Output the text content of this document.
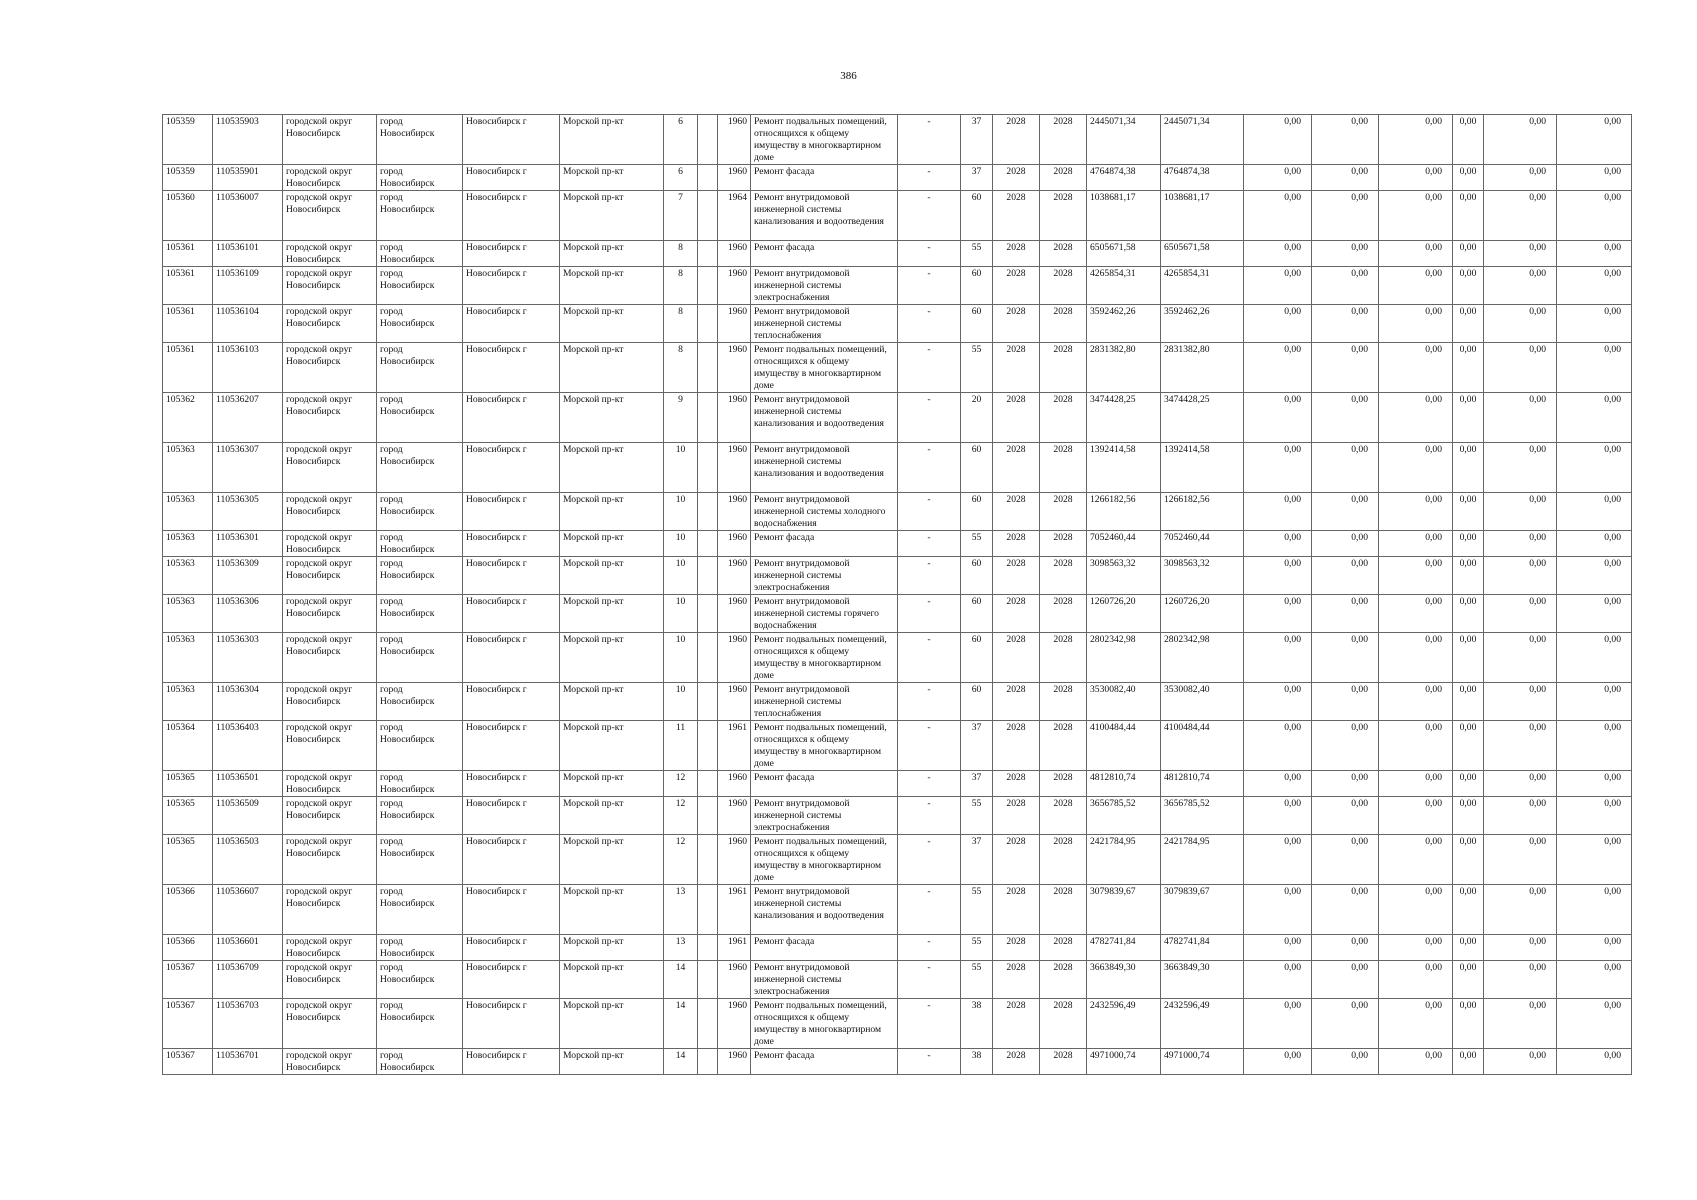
386
105359	110535903	городской округ Новосибирск	город Новосибирск	Новосибирск г	Морской пр-кт	6		1960	Ремонт подвальных помещений, относящихся к общему имуществу в многоквартирном доме	-	37	2028	2028	2445071,34	2445071,34	0,00	0,00	0,00	0,00	0,00	0,00
105359	110535901	городской округ Новосибирск	город Новосибирск	Новосибирск г	Морской пр-кт	6		1960	Ремонт фасада	-	37	2028	2028	4764874,38	4764874,38	0,00	0,00	0,00	0,00	0,00	0,00
105360	110536007	городской округ Новосибирск	город Новосибирск	Новосибирск г	Морской пр-кт	7		1964	Ремонт внутридомовой инженерной системы канализования и водоотведения	-	60	2028	2028	1038681,17	1038681,17	0,00	0,00	0,00	0,00	0,00	0,00
105361	110536101	городской округ Новосибирск	город Новосибирск	Новосибирск г	Морской пр-кт	8		1960	Ремонт фасада	-	55	2028	2028	6505671,58	6505671,58	0,00	0,00	0,00	0,00	0,00	0,00
105361	110536109	городской округ Новосибирск	город Новосибирск	Новосибирск г	Морской пр-кт	8		1960	Ремонт внутридомовой инженерной системы электроснабжения	-	60	2028	2028	4265854,31	4265854,31	0,00	0,00	0,00	0,00	0,00	0,00
105361	110536104	городской округ Новосибирск	город Новосибирск	Новосибирск г	Морской пр-кт	8		1960	Ремонт внутридомовой инженерной системы теплоснабжения	-	60	2028	2028	3592462,26	3592462,26	0,00	0,00	0,00	0,00	0,00	0,00
105361	110536103	городской округ Новосибирск	город Новосибирск	Новосибирск г	Морской пр-кт	8		1960	Ремонт подвальных помещений, относящихся к общему имуществу в многоквартирном доме	-	55	2028	2028	2831382,80	2831382,80	0,00	0,00	0,00	0,00	0,00	0,00
105362	110536207	городской округ Новосибирск	город Новосибирск	Новосибирск г	Морской пр-кт	9		1960	Ремонт внутридомовой инженерной системы канализования и водоотведения	-	20	2028	2028	3474428,25	3474428,25	0,00	0,00	0,00	0,00	0,00	0,00
105363	110536307	городской округ Новосибирск	город Новосибирск	Новосибирск г	Морской пр-кт	10		1960	Ремонт внутридомовой инженерной системы канализования и водоотведения	-	60	2028	2028	1392414,58	1392414,58	0,00	0,00	0,00	0,00	0,00	0,00
105363	110536305	городской округ Новосибирск	город Новосибирск	Новосибирск г	Морской пр-кт	10		1960	Ремонт внутридомовой инженерной системы холодного водоснабжения	-	60	2028	2028	1266182,56	1266182,56	0,00	0,00	0,00	0,00	0,00	0,00
105363	110536301	городской округ Новосибирск	город Новосибирск	Новосибирск г	Морской пр-кт	10		1960	Ремонт фасада	-	55	2028	2028	7052460,44	7052460,44	0,00	0,00	0,00	0,00	0,00	0,00
105363	110536309	городской округ Новосибирск	город Новосибирск	Новосибирск г	Морской пр-кт	10		1960	Ремонт внутридомовой инженерной системы электроснабжения	-	60	2028	2028	3098563,32	3098563,32	0,00	0,00	0,00	0,00	0,00	0,00
105363	110536306	городской округ Новосибирск	город Новосибирск	Новосибирск г	Морской пр-кт	10		1960	Ремонт внутридомовой инженерной системы горячего водоснабжения	-	60	2028	2028	1260726,20	1260726,20	0,00	0,00	0,00	0,00	0,00	0,00
105363	110536303	городской округ Новосибирск	город Новосибирск	Новосибирск г	Морской пр-кт	10		1960	Ремонт подвальных помещений, относящихся к общему имуществу в многоквартирном доме	-	60	2028	2028	2802342,98	2802342,98	0,00	0,00	0,00	0,00	0,00	0,00
105363	110536304	городской округ Новосибирск	город Новосибирск	Новосибирск г	Морской пр-кт	10		1960	Ремонт внутридомовой инженерной системы теплоснабжения	-	60	2028	2028	3530082,40	3530082,40	0,00	0,00	0,00	0,00	0,00	0,00
105364	110536403	городской округ Новосибирск	город Новосибирск	Новосибирск г	Морской пр-кт	11		1961	Ремонт подвальных помещений, относящихся к общему имуществу в многоквартирном доме	-	37	2028	2028	4100484,44	4100484,44	0,00	0,00	0,00	0,00	0,00	0,00
105365	110536501	городской округ Новосибирск	город Новосибирск	Новосибирск г	Морской пр-кт	12		1960	Ремонт фасада	-	37	2028	2028	4812810,74	4812810,74	0,00	0,00	0,00	0,00	0,00	0,00
105365	110536509	городской округ Новосибирск	город Новосибирск	Новосибирск г	Морской пр-кт	12		1960	Ремонт внутридомовой инженерной системы электроснабжения	-	55	2028	2028	3656785,52	3656785,52	0,00	0,00	0,00	0,00	0,00	0,00
105365	110536503	городской округ Новосибирск	город Новосибирск	Новосибирск г	Морской пр-кт	12		1960	Ремонт подвальных помещений, относящихся к общему имуществу в многоквартирном доме	-	37	2028	2028	2421784,95	2421784,95	0,00	0,00	0,00	0,00	0,00	0,00
105366	110536607	городской округ Новосибирск	город Новосибирск	Новосибирск г	Морской пр-кт	13		1961	Ремонт внутридомовой инженерной системы канализования и водоотведения	-	55	2028	2028	3079839,67	3079839,67	0,00	0,00	0,00	0,00	0,00	0,00
105366	110536601	городской округ Новосибирск	город Новосибирск	Новосибирск г	Морской пр-кт	13		1961	Ремонт фасада	-	55	2028	2028	4782741,84	4782741,84	0,00	0,00	0,00	0,00	0,00	0,00
105367	110536709	городской округ Новосибирск	город Новосибирск	Новосибирск г	Морской пр-кт	14		1960	Ремонт внутридомовой инженерной системы электроснабжения	-	55	2028	2028	3663849,30	3663849,30	0,00	0,00	0,00	0,00	0,00	0,00
105367	110536703	городской округ Новосибирск	город Новосибирск	Новосибирск г	Морской пр-кт	14		1960	Ремонт подвальных помещений, относящихся к общему имуществу в многоквартирном доме	-	38	2028	2028	2432596,49	2432596,49	0,00	0,00	0,00	0,00	0,00	0,00
105367	110536701	городской округ Новосибирск	город Новосибирск	Новосибирск г	Морской пр-кт	14		1960	Ремонт фасада	-	38	2028	2028	4971000,74	4971000,74	0,00	0,00	0,00	0,00	0,00	0,00
